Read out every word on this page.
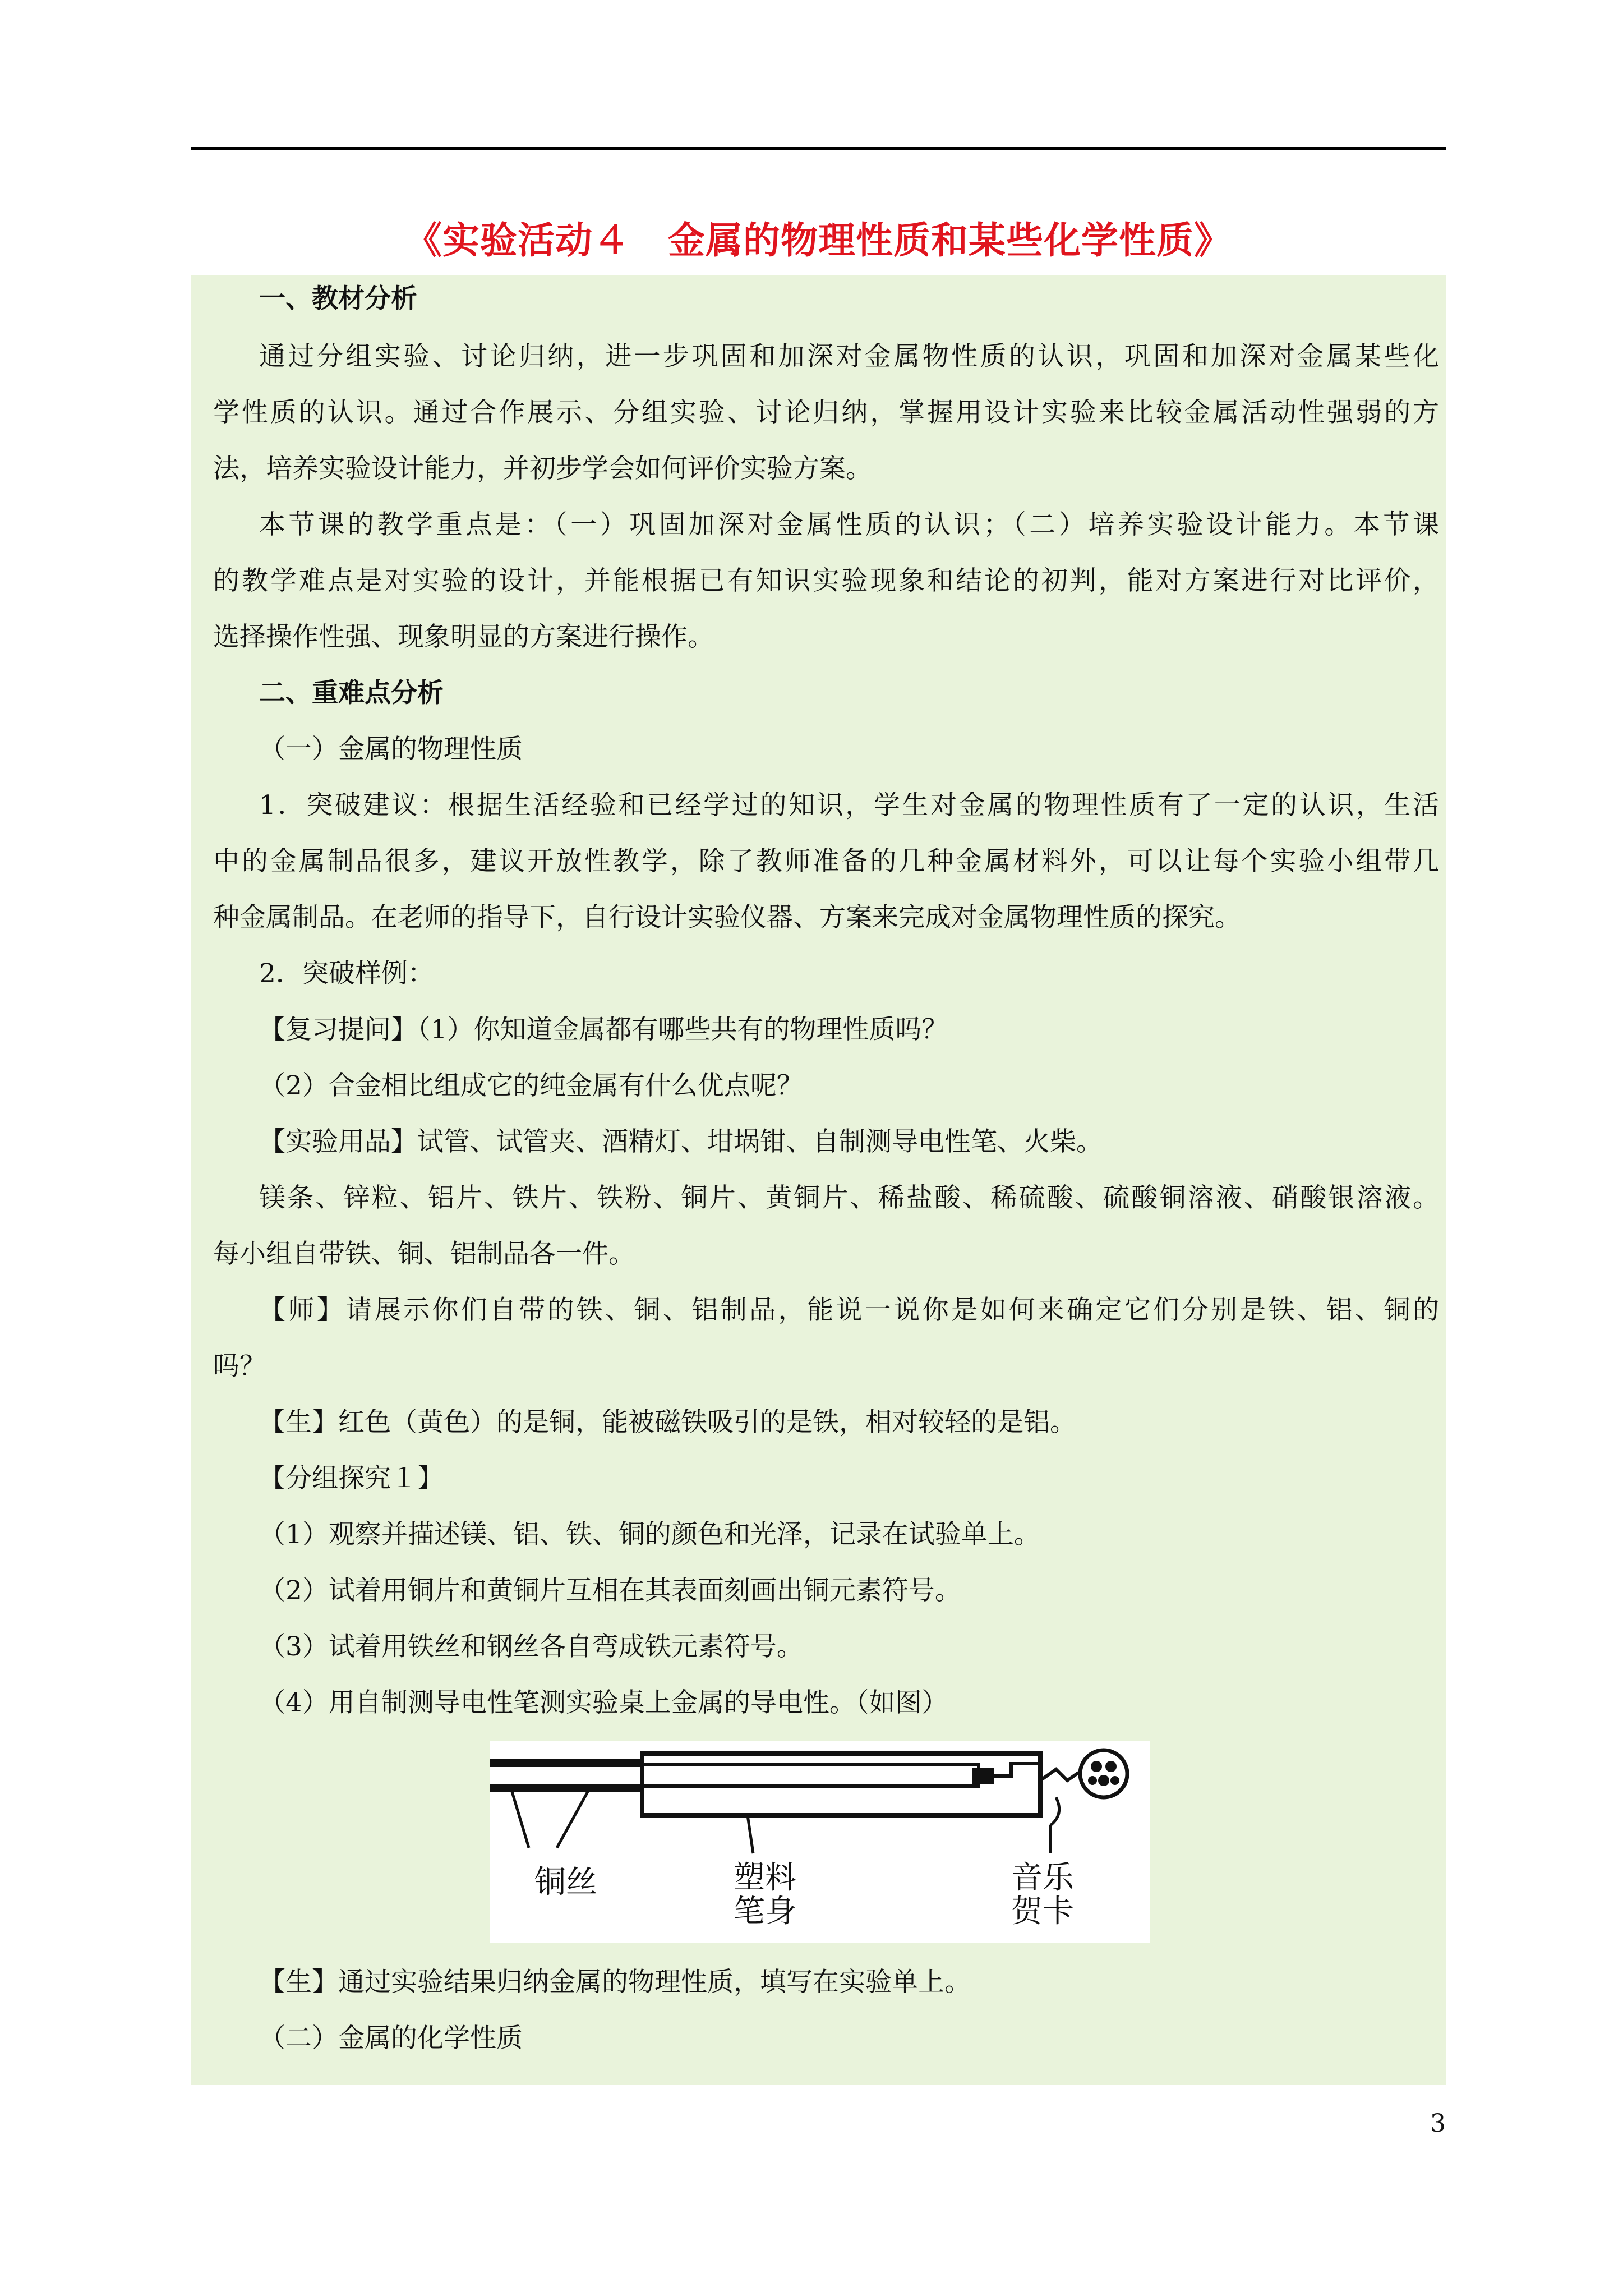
《实验活动４　金属的物理性质和某些化学性质》
一、教材分析
通过分组实验、讨论归纳，进一步巩固和加深对金属物性质的认识，巩固和加深对金属某些化
学性质的认识。通过合作展示、分组实验、讨论归纳，掌握用设计实验来比较金属活动性强弱的方
法，培养实验设计能力，并初步学会如何评价实验方案。
本节课的教学重点是：（一）巩固加深对金属性质的认识；（二）培养实验设计能力。本节课
的教学难点是对实验的设计，并能根据已有知识实验现象和结论的初判，能对方案进行对比评价，
选择操作性强、现象明显的方案进行操作。
二、重难点分析
（一）金属的物理性质
1．突破建议：根据生活经验和已经学过的知识，学生对金属的物理性质有了一定的认识，生活
中的金属制品很多，建议开放性教学，除了教师准备的几种金属材料外，可以让每个实验小组带几
种金属制品。在老师的指导下，自行设计实验仪器、方案来完成对金属物理性质的探究。
2．突破样例：
【复习提问】（1）你知道金属都有哪些共有的物理性质吗？
（2）合金相比组成它的纯金属有什么优点呢？
【实验用品】试管、试管夹、酒精灯、坩埚钳、自制测导电性笔、火柴。
镁条、锌粒、铝片、铁片、铁粉、铜片、黄铜片、稀盐酸、稀硫酸、硫酸铜溶液、硝酸银溶液。
每小组自带铁、铜、铝制品各一件。
【师】请展示你们自带的铁、铜、铝制品，能说一说你是如何来确定它们分别是铁、铝、铜的
吗？
【生】红色（黄色）的是铜，能被磁铁吸引的是铁，相对较轻的是铝。
【分组探究１】
（1）观察并描述镁、铝、铁、铜的颜色和光泽，记录在试验单上。
（2）试着用铜片和黄铜片互相在其表面刻画出铜元素符号。
（3）试着用铁丝和钢丝各自弯成铁元素符号。
（4）用自制测导电性笔测实验桌上金属的导电性。（如图）
铜丝	塑料
笔身
音乐
贺卡
【生】通过实验结果归纳金属的物理性质，填写在实验单上。
（二）金属的化学性质
3
